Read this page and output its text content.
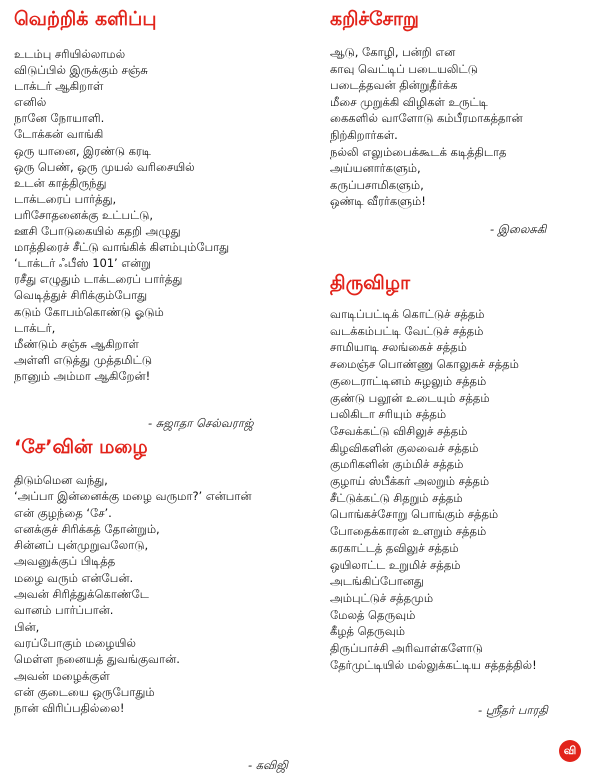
வெற்றிக் களிப்பு
உடம்பு சரியில்லாமல்
விடுப்பில் இருக்கும் சஞ்சு
டாக்டர் ஆகிறாள்
எனில்
நானே நோயாளி.
டோக்கன் வாங்கி
ஒரு யானை, இரண்டு கரடி
ஒரு பெண், ஒரு முயல் வரிசையில்
உடன் காத்திருந்து
டாக்டரைப் பார்த்து,
பரிசோதனைக்கு உட்பட்டு,
ஊசி போடுகையில் கதறி அழுது
மாத்திரைச் சீட்டு வாங்கிக் கிளம்பும்போது
‘டாக்டர் ஃபீஸ் 101’ என்று
ரசீது எழுதும் டாக்டரைப் பார்த்து
வெடித்துச் சிரிக்கும்போது
கடும் கோபம்கொண்டு ஓடும்
டாக்டர்,
மீண்டும் சஞ்சு ஆகிறாள்
அள்ளி எடுத்து முத்தமிட்டு
நானும் அம்மா ஆகிறேன்!
- சுஜாதா செல்வராஜ்
‘சே’வின் மழை
திடும்மென வந்து,
‘அப்பா இன்னைக்கு மழை வருமா?’ என்பான்
என் குழந்தை ‘சே’.
எனக்குச் சிரிக்கத் தோன்றும்,
சின்னப் புன்முறுவலோடு,
அவனுக்குப் பிடித்த
மழை வரும் என்பேன்.
அவன் சிரித்துக்கொண்டே
வானம் பார்ப்பான்.
பின்,
வரப்போகும் மழையில்
மெள்ள நனையத் துவங்குவான்.
அவன் மழைக்குள்
என் குடையை ஒருபோதும்
நான் விரிப்பதில்லை!
- கவிஜி
கறிச்சோறு
ஆடு, கோழி, பன்றி என
காவு வெட்டிப் படையலிட்டு
படைத்தவன் தின்றுதீர்க்க
மீசை முறுக்கி விழிகள் உருட்டி
கைகளில் வாளோடு கம்பீரமாகத்தான்
நிற்கிறார்கள்.
நல்லி எலும்பைக்கூடக் கடித்திடாத
அய்யனார்களும்,
கருப்பசாமிகளும்,
ஒண்டி வீரர்களும்!
- இலைசுகி
திருவிழா
வாடிப்பட்டிக் கொட்டுச் சத்தம்
வடக்கம்பட்டி வேட்டுச் சத்தம்
சாமியாடி சலங்கைச் சத்தம்
சமைஞ்ச பொண்ணு கொலுசுச் சத்தம்
குடைராட்டினம் சுழலும் சத்தம்
குண்டு பலூன் உடையும் சத்தம்
பலிகிடா சரியும் சத்தம்
சேவக்கட்டு விசிலுச் சத்தம்
கிழவிகளின் குலவைச் சத்தம்
குமரிகளின் கும்மிச் சத்தம்
குழாய் ஸ்பீக்கர் அலறும் சத்தம்
சீட்டுக்கட்டு சிதறும் சத்தம்
பொங்கச்சோறு பொங்கும் சத்தம்
போதைக்காரன் உளறும் சத்தம்
கரகாட்டத் தவிலுச் சத்தம்
ஒயிலாட்ட உறுமிச் சத்தம்
அடங்கிப்போனது
அம்புட்டுச் சத்தமும்
மேலத் தெருவும்
கீழத் தெருவும்
திருப்பாச்சி அரிவாள்களோடு
தேர்முட்டியில் மல்லுக்கட்டிய சத்தத்தில்!
- ஸ்ரீதர் பாரதி
வி
